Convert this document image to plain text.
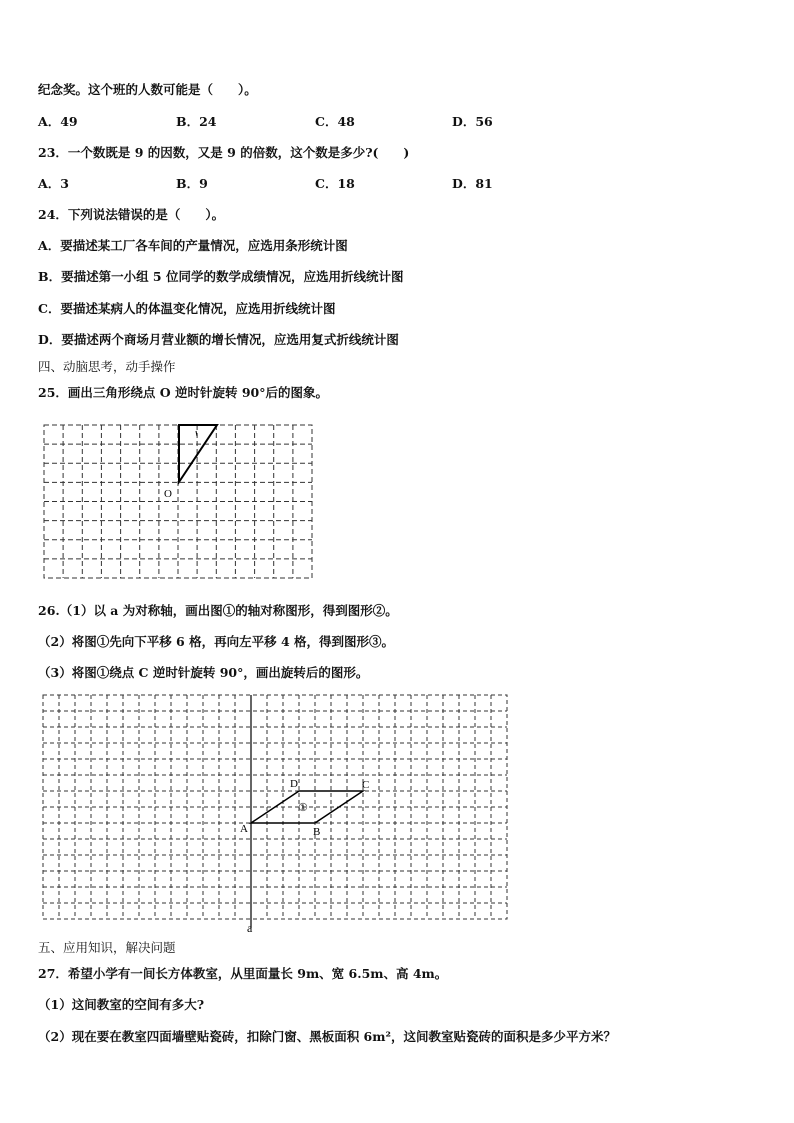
纪念奖。这个班的人数可能是（　　）。
A．49	B．24	C．48	D．56
23．一个数既是 9 的因数，又是 9 的倍数，这个数是多少?(　　)
A．3	B．9	C．18	D．81
24．下列说法错误的是（　　）。
A．要描述某工厂各车间的产量情况，应选用条形统计图
B．要描述第一小组 5 位同学的数学成绩情况，应选用折线统计图
C．要描述某病人的体温变化情况，应选用折线统计图
D．要描述两个商场月营业额的增长情况，应选用复式折线统计图
四、动脑思考，动手操作
25．画出三角形绕点 O 逆时针旋转 90°后的图象。
O
A	B
C
D
①
a
26.（1）以 a 为对称轴，画出图①的轴对称图形，得到图形②。
（2）将图①先向下平移 6 格，再向左平移 4 格，得到图形③。
（3）将图①绕点 C 逆时针旋转 90°，画出旋转后的图形。
五、应用知识，解决问题
27．希望小学有一间长方体教室，从里面量长 9m、宽 6.5m、高 4m。
（1）这间教室的空间有多大?
（2）现在要在教室四面墙壁贴瓷砖，扣除门窗、黑板面积 6m²，这间教室贴瓷砖的面积是多少平方米？
